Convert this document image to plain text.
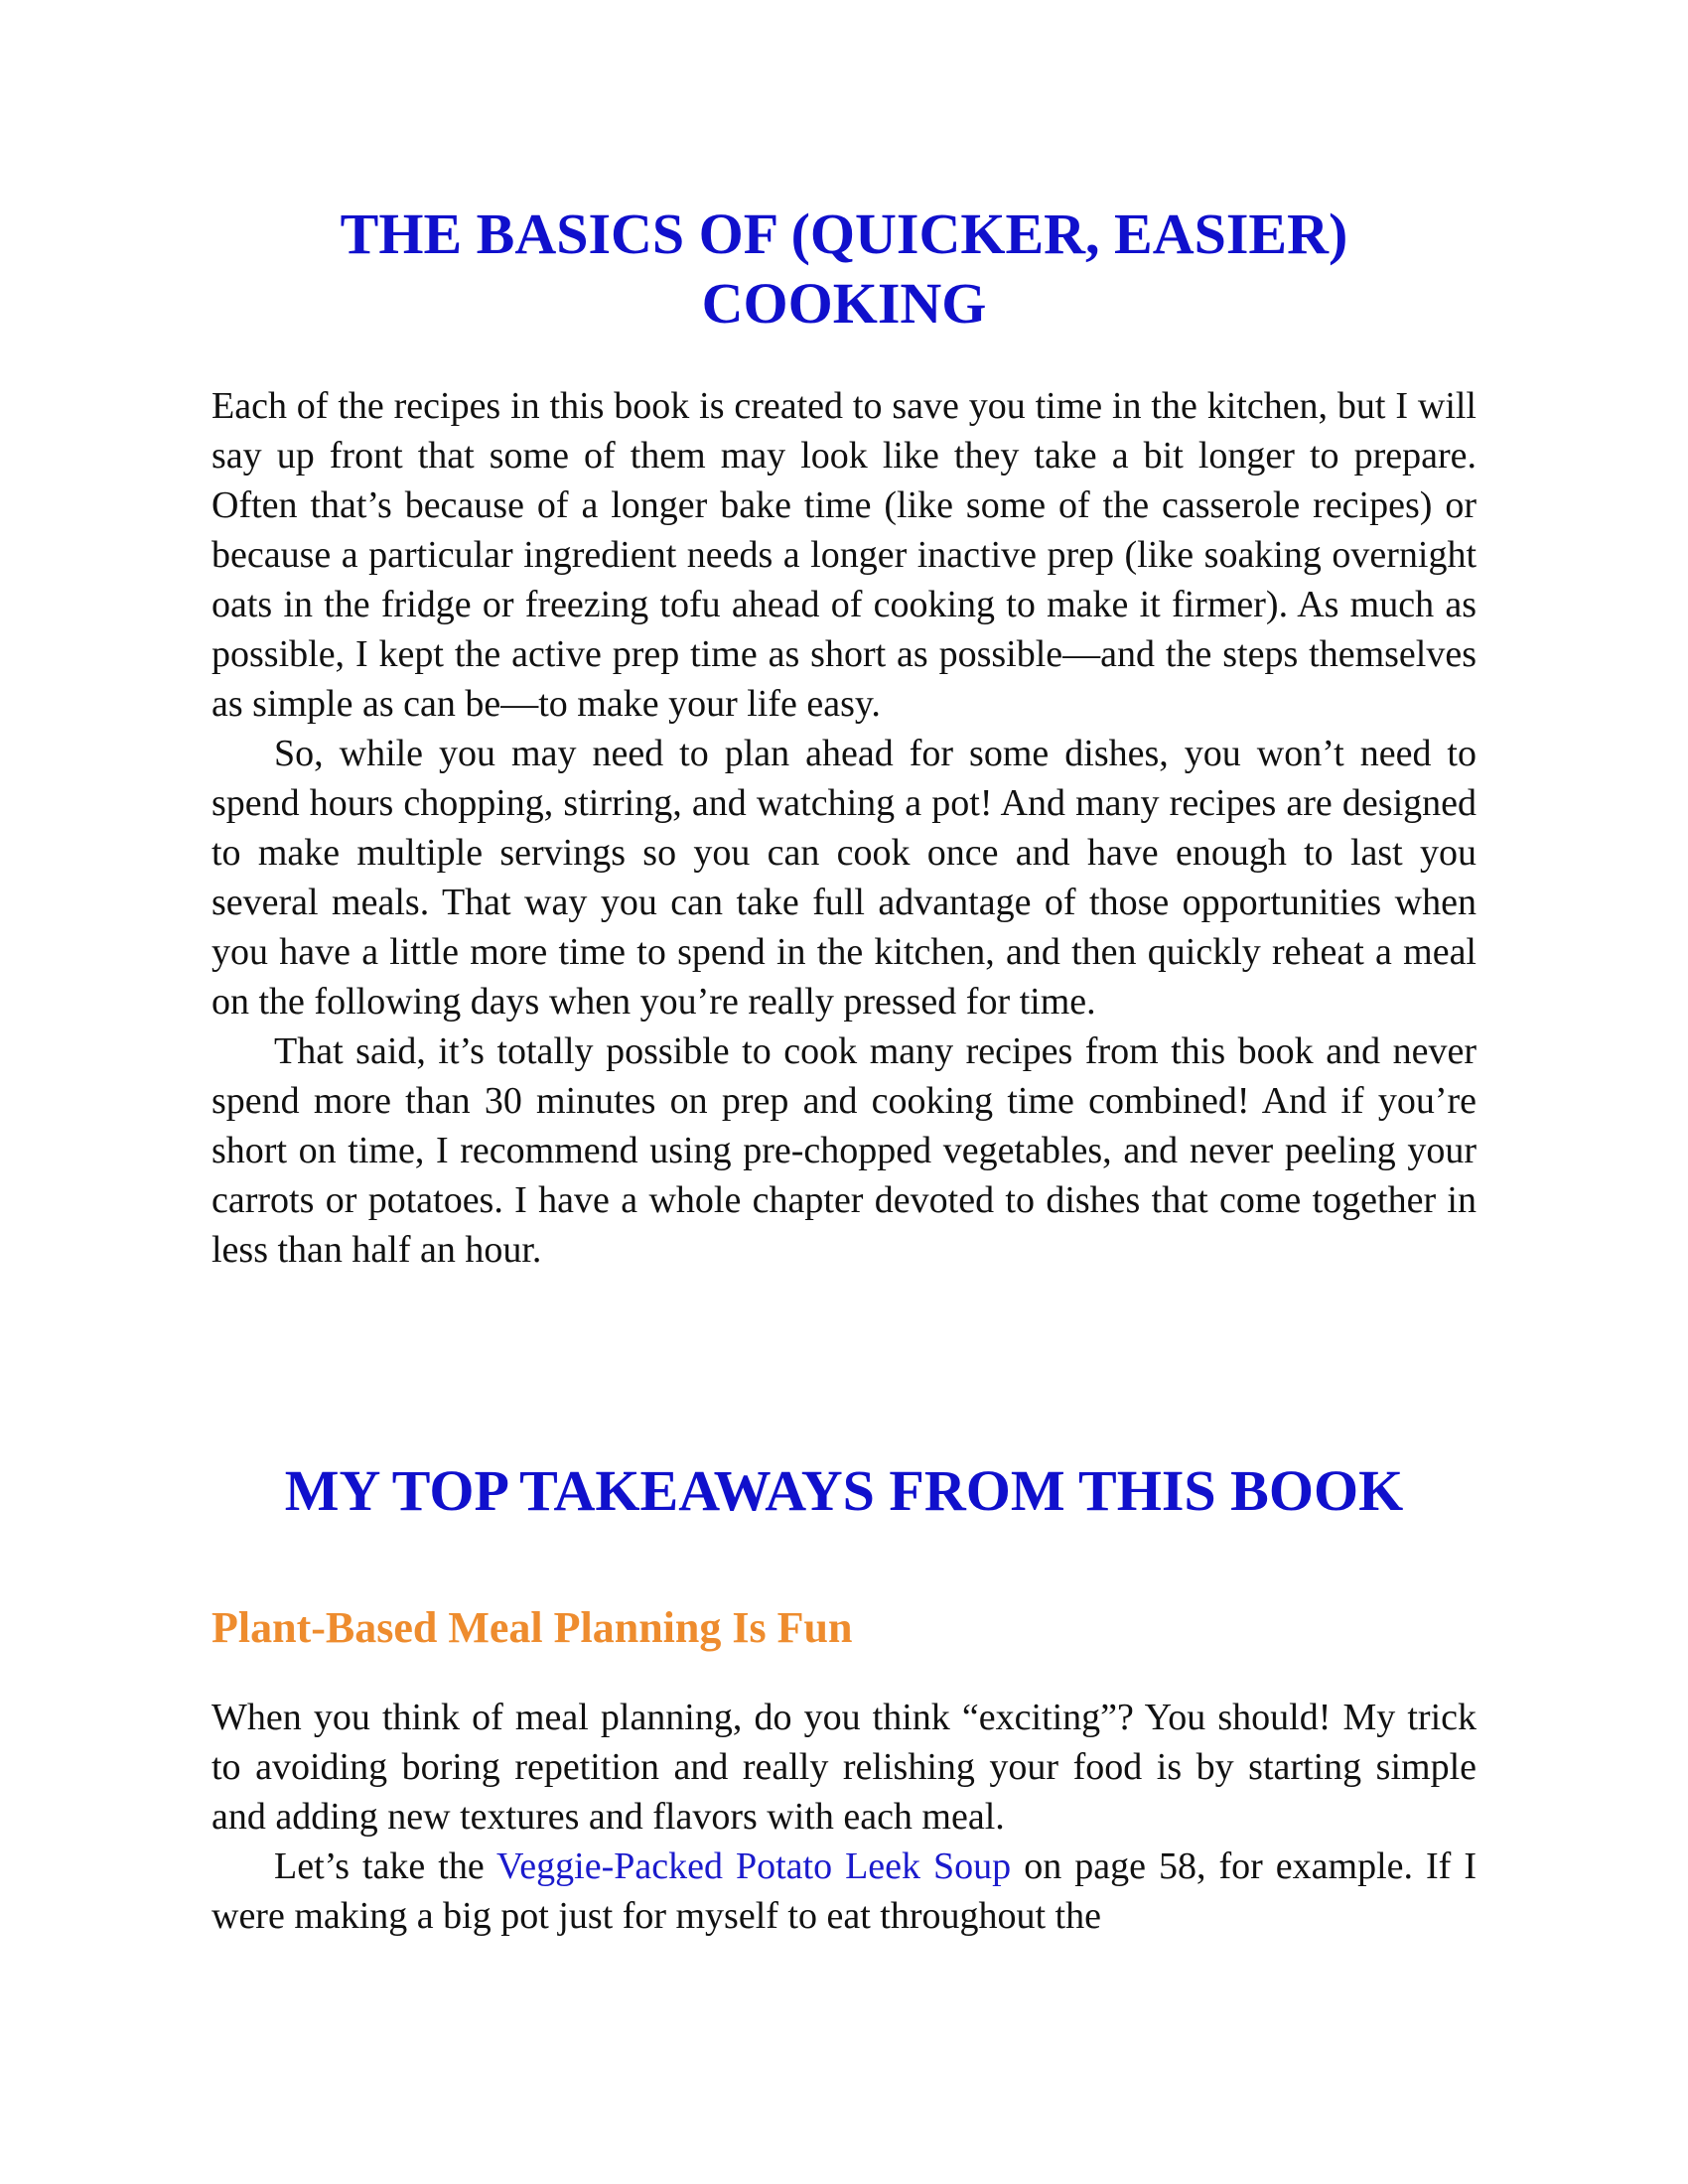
THE BASICS OF (QUICKER, EASIER)
COOKING

Each of the recipes in this book is created to save you time in the kitchen, but I will say up front that some of them may look like they take a bit longer to prepare. Often that’s because of a longer bake time (like some of the casserole recipes) or because a particular ingredient needs a longer inactive prep (like soaking overnight oats in the fridge or freezing tofu ahead of cooking to make it firmer). As much as possible, I kept the active prep time as short as possible—and the steps themselves as simple as can be—to make your life easy.

So, while you may need to plan ahead for some dishes, you won’t need to spend hours chopping, stirring, and watching a pot! And many recipes are designed to make multiple servings so you can cook once and have enough to last you several meals. That way you can take full advantage of those opportunities when you have a little more time to spend in the kitchen, and then quickly reheat a meal on the following days when you’re really pressed for time.

That said, it’s totally possible to cook many recipes from this book and never spend more than 30 minutes on prep and cooking time combined! And if you’re short on time, I recommend using pre-chopped vegetables, and never peeling your carrots or potatoes. I have a whole chapter devoted to dishes that come together in less than half an hour.

MY TOP TAKEAWAYS FROM THIS BOOK
Plant-Based Meal Planning Is Fun

When you think of meal planning, do you think “exciting”? You should! My trick to avoiding boring repetition and really relishing your food is by starting simple and adding new textures and flavors with each meal.

Let’s take the Veggie-Packed Potato Leek Soup on page 58, for example. If I were making a big pot just for myself to eat throughout the
